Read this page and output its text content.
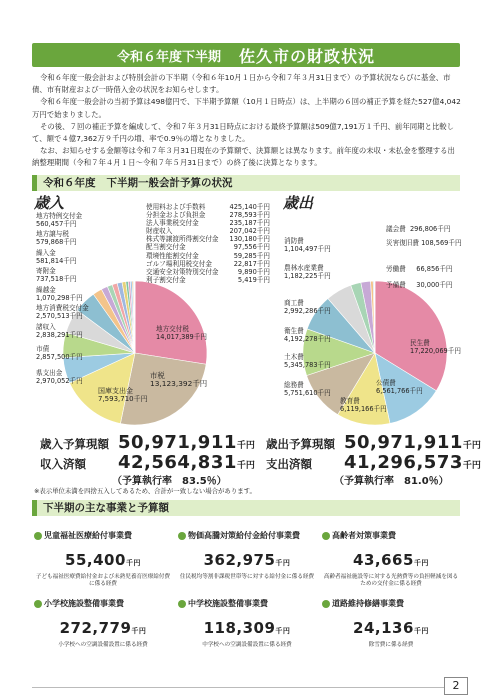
令和６年度下半期 佐久市の財政状況

令和６年度一般会計および特別会計の下半期（令和６年10月１日から令和７年３月31日まで）の予算状況ならびに基金、市債、市有財産および一時借入金の状況をお知らせします。

令和６年度一般会計の当初予算は498億円で、下半期予算額（10月１日時点）は、上半期の６回の補正予算を経た527億4,042万円で始まりました。

その後、７回の補正予算を編成して、令和７年３月31日時点における最終予算額は509億7,191万１千円、前年同期と比較して、額で４億7,362万９千円の増、率で0.9％の増となりました。

なお、お知らせする金額等は令和７年３月31日現在の予算額で、決算額とは異なります。前年度の未収・未払金を整理する出納整理期間（令和７年４月１日～令和７年５月31日まで）の終了後に決算となります。

令和６年度 下半期一般会計予算の状況
歳入
地方特例交付金
560,457千円
地方譲与税
579,868千円
繰入金
581,814千円
寄附金
737,518千円
繰越金
1,070,298千円
地方消費税交付金
2,570,513千円
諸収入
2,838,291千円
市債
2,857,500千円
県支出金
2,970,052千円
使用料および手数料	425,140千円
分担金および負担金	278,593千円
法人事業税交付金	235,187千円
財産収入	207,042千円
株式等譲渡所得割交付金	130,180千円
配当割交付金	97,556千円
環境性能割交付金	59,285千円
ゴルフ場利用税交付金	22,817千円
交通安全対策特別交付金	9,890千円
利子割交付金	5,419千円
地方交付税
14,017,389千円
市税
13,123,392千円
国庫支出金
7,593,710千円
歳出
消防費
1,104,497千円
農林水産業費
1,182,225千円
商工費
2,992,286千円
衛生費
4,192,278千円
土木費
5,345,783千円
総務費
5,751,610千円
議会費 296,806千円
災害復旧費 108,569千円
労働費 66,856千円
予備費 30,000千円
民生費
17,220,069千円
公債費
6,561,766千円
教育費
6,119,166千円
歳入予算現額 50,971,911千円
収入済額 42,564,831千円
（予算執行率　83.5％）
歳出予算現額 50,971,911千円
支出済額 41,296,573千円
（予算執行率　81.0％）
※表示単位未満を四捨五入してあるため、合計が一致しない場合があります。
下半期の主な事業と予算額
児童福祉医療給付事業費
55,400千円
子ども福祉医療費給付金および未熟児養育医療給付費に係る経費
物価高騰対策給付金給付事業費
362,975千円
住民税均等割非課税世帯等に対する給付金に係る経費
高齢者対策事業費
43,665千円
高齢者福祉施設等に対する光熱費等の負担軽減を図るための交付金に係る経費
小学校施設整備事業費
272,779千円
小学校への空調設備設置に係る経費
中学校施設整備事業費
118,309千円
中学校への空調設備設置に係る経費
道路維持修繕事業費
24,136千円
除雪費に係る経費
2
